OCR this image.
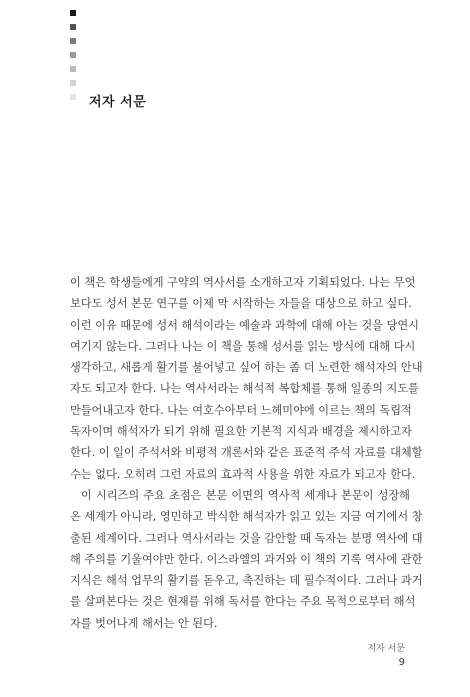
저자 서문
이 책은 학생들에게 구약의 역사서를 소개하고자 기획되었다. 나는 무엇
보다도 성서 본문 연구를 이제 막 시작하는 자들을 대상으로 하고 싶다.
이런 이유 때문에 성서 해석이라는 예술과 과학에 대해 아는 것을 당연시
여기지 않는다. 그러나 나는 이 책을 통해 성서를 읽는 방식에 대해 다시
생각하고, 새롭게 활기를 불어넣고 싶어 하는 좀 더 노련한 해석자의 안내
자도 되고자 한다. 나는 역사서라는 해석적 복합체를 통해 일종의 지도를
만들어내고자 한다. 나는 여호수아부터 느헤미야에 이르는 책의 독립적
독자이며 해석자가 되기 위해 필요한 기본적 지식과 배경을 제시하고자
한다. 이 일이 주석서와 비평적 개론서와 같은 표준적 주석 자료를 대체할
수는 없다. 오히려 그런 자료의 효과적 사용을 위한 자료가 되고자 한다.
이 시리즈의 주요 초점은 본문 이면의 역사적 세계나 본문이 성장해
온 세계가 아니라, 영민하고 박식한 해석자가 읽고 있는 지금 여기에서 창
출된 세계이다. 그러나 역사서라는 것을 감안할 때 독자는 분명 역사에 대
해 주의를 기울여야만 한다. 이스라엘의 과거와 이 책의 기록 역사에 관한
지식은 해석 업무의 활기를 돋우고, 촉진하는 데 필수적이다. 그러나 과거
를 살펴본다는 것은 현재를 위해 독서를 한다는 주요 목적으로부터 해석
자를 벗어나게 해서는 안 된다.
저자 서문
9
